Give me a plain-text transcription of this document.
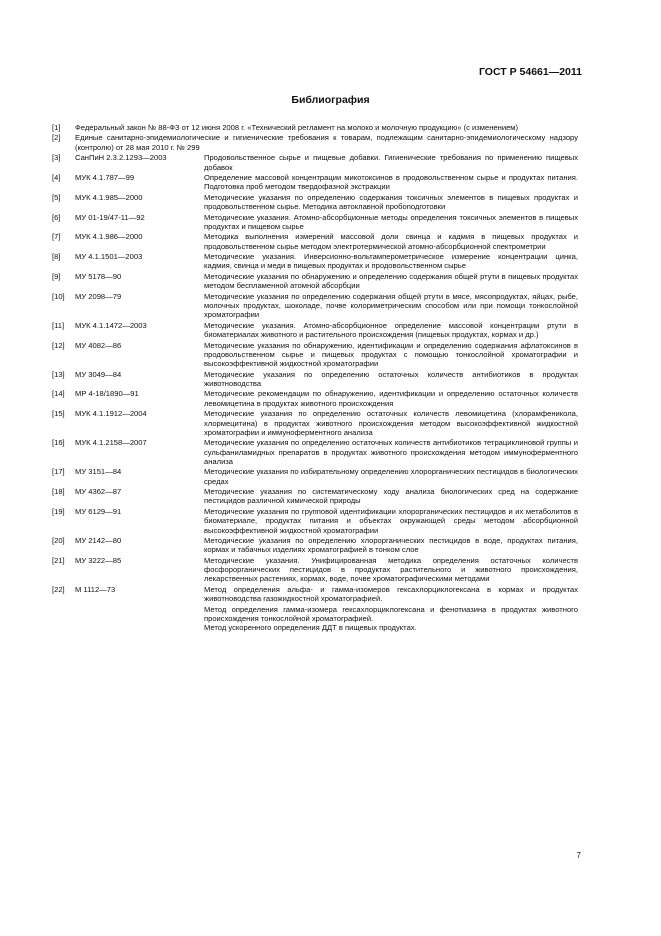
ГОСТ Р 54661—2011
Библиография
[1]	Федеральный закон № 88-ФЗ от 12 июня 2008 г. «Технический регламент на молоко и молочную продукцию» (с изменением)
[2]	Единые санитарно-эпидемиологические и гигиенические требования к товарам, подлежащим санитарно-эпидемиологическому надзору (контролю) от 28 мая 2010 г. № 299
[3]	СанПиН 2.3.2.1293—2003	Продовольственное сырье и пищевые добавки. Гигиенические требования по применению пищевых добавок
[4]	МУК 4.1.787—99	Определение массовой концентрации микотоксинов в продовольственном сырье и продуктах питания. Подготовка проб методом твердофазной экстракции
[5]	МУК 4.1.985—2000	Методические указания по определению содержания токсичных элементов в пищевых продуктах и продовольственном сырье. Методика автоклавной пробоподготовки
[6]	МУ 01-19/47-11—92	Методические указания. Атомно-абсорбционные методы определения токсичных элементов в пищевых продуктах и пищевом сырье
[7]	МУК 4.1.986—2000	Методика выполнения измерений массовой доли свинца и кадмия в пищевых продуктах и продовольственном сырье методом электротермической атомно-абсорбционной спектрометрии
[8]	МУ 4.1.1501—2003	Методические указания. Инверсионно-вольтамперометрическое измерение концентрации цинка, кадмия, свинца и меди в пищевых продуктах и продовольственном сырье
[9]	МУ 5178—90	Методические указания по обнаружению и определению содержания общей ртути в пищевых продуктах методом беспламенной атомной абсорбции
[10]	МУ 2098—79	Методические указания по определению содержания общей ртути в мясе, мясопродуктах, яйцах, рыбе, молочных продуктах, шоколаде, почве колориметрическим способом или при помощи тонкослойной хроматографии
[11]	МУК 4.1.1472—2003	Методические указания. Атомно-абсорбционное определение массовой концентрации ртути в биоматериалах животного и растительного происхождения (пищевых продуктах, кормах и др.)
[12]	МУ 4082—86	Методические указания по обнаружению, идентификации и определению содержания афлатоксинов в продовольственном сырье и пищевых продуктах с помощью тонкослойной хроматографии и высокоэффективной жидкостной хроматографии
[13]	МУ 3049—84	Методические указания по определению остаточных количеств антибиотиков в продуктах животноводства
[14]	МР 4-18/1890—91	Методические рекомендации по обнаружению, идентификации и определению остаточных количеств левомицетина в продуктах животного происхождения
[15]	МУК 4.1.1912—2004	Методические указания по определению остаточных количеств левомицетина (хлорамфеникола, хлормецитина) в продуктах животного происхождения методом высокоэффективной жидкостной хроматографии и иммуноферментного анализа
[16]	МУК 4.1.2158—2007	Методические указания по определению остаточных количеств антибиотиков тетрациклиновой группы и сульфаниламидных препаратов в продуктах животного происхождения методом иммуноферментного анализа
[17]	МУ 3151—84	Методические указания по избирательному определению хлорорганических пестицидов в биологических средах
[18]	МУ 4362—87	Методические указания по систематическому ходу анализа биологических сред на содержание пестицидов различной химической природы
[19]	МУ 6129—91	Методические указания по групповой идентификации хлорорганических пестицидов и их метаболитов в биоматериале, продуктах питания и объектах окружающей среды методом абсорбционной высокоэффективной жидкостной хроматографии
[20]	МУ 2142—80	Методические указания по определению хлорорганических пестицидов в воде, продуктах питания, кормах и табачных изделиях хроматографией в тонком слое
[21]	МУ 3222—85	Методические указания. Унифицированная методика определения остаточных количеств фосфорорганических пестицидов в продуктах растительного и животного происхождения, лекарственных растениях, кормах, воде, почве хроматографическими методами
[22]	М 1112—73	Метод определения альфа- и гамма-изомеров гексахлорциклогексана в кормах и продуктах животноводства газожидкостной хроматографией.
Метод определения гамма-изомера гексахлорциклогексана и фенотиазина в продуктах животного происхождения тонкослойной хроматографией.
Метод ускоренного определения ДДТ в пищевых продуктах.
7
